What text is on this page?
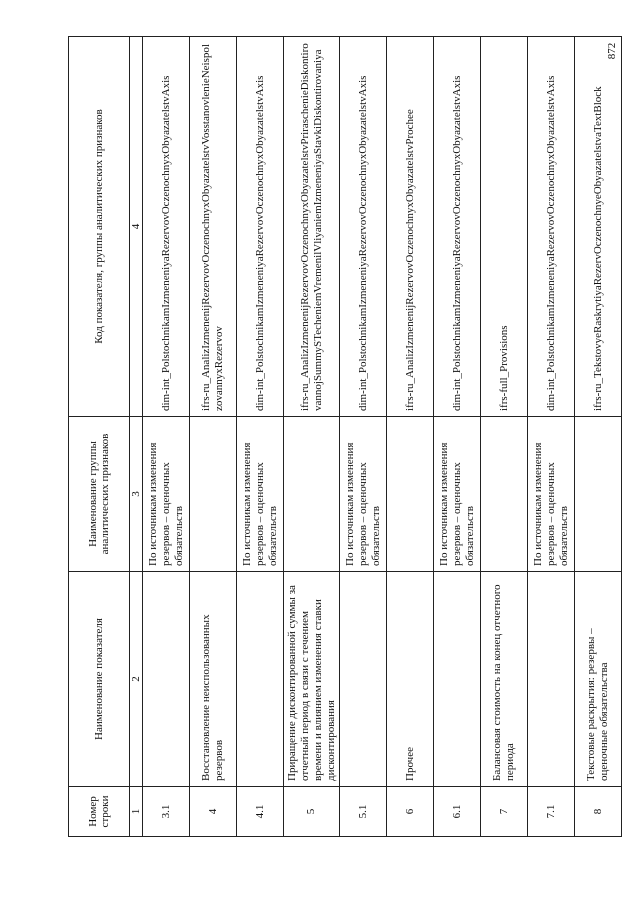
872
Номер строки	Наименование показателя	Наименование группы аналитических признаков	Код показателя, группы аналитических признаков
1	2	3	4
3.1		По источникам изменения резервов – оценочных обязательств	dim-int_PolstochnikamIzmeneniyaRezervovOczenochnyxObyazatelstvAxis
4	Восстановление неиспользованных резервов		ifrs-ru_AnalizIzmenenijRezervovOczenochnyxObyazatelstvVosstanovlenieNeispolzovannyxRezervov
4.1		По источникам изменения резервов – оценочных обязательств	dim-int_PolstochnikamIzmeneniyaRezervovOczenochnyxObyazatelstvAxis
5	Приращение дисконтированной суммы за отчетный период в связи с течением времени и влиянием изменения ставки дисконтирования		ifrs-ru_AnalizIzmenenijRezervovOczenochnyxObyazatelstvPriraschenieDiskontirovannojSummySTecheniemVremenilVliyaniemIzmeneniyaStavkiDiskontirovaniya
5.1		По источникам изменения резервов – оценочных обязательств	dim-int_PolstochnikamIzmeneniyaRezervovOczenochnyxObyazatelstvAxis
6	Прочее		ifrs-ru_AnalizIzmenenijRezervovOczenochnyxObyazatelstvProchee
6.1		По источникам изменения резервов – оценочных обязательств	dim-int_PolstochnikamIzmeneniyaRezervovOczenochnyxObyazatelstvAxis
7	Балансовая стоимость на конец отчетного периода		ifrs-full_Provisions
7.1		По источникам изменения резервов – оценочных обязательств	dim-int_PolstochnikamIzmeneniyaRezervovOczenochnyxObyazatelstvAxis
8	Текстовые раскрытия: резервы – оценочные обязательства		ifrs-ru_TekstovyeRaskrytiyaRezervOczenochnyeObyazatelstvaTextBlock
